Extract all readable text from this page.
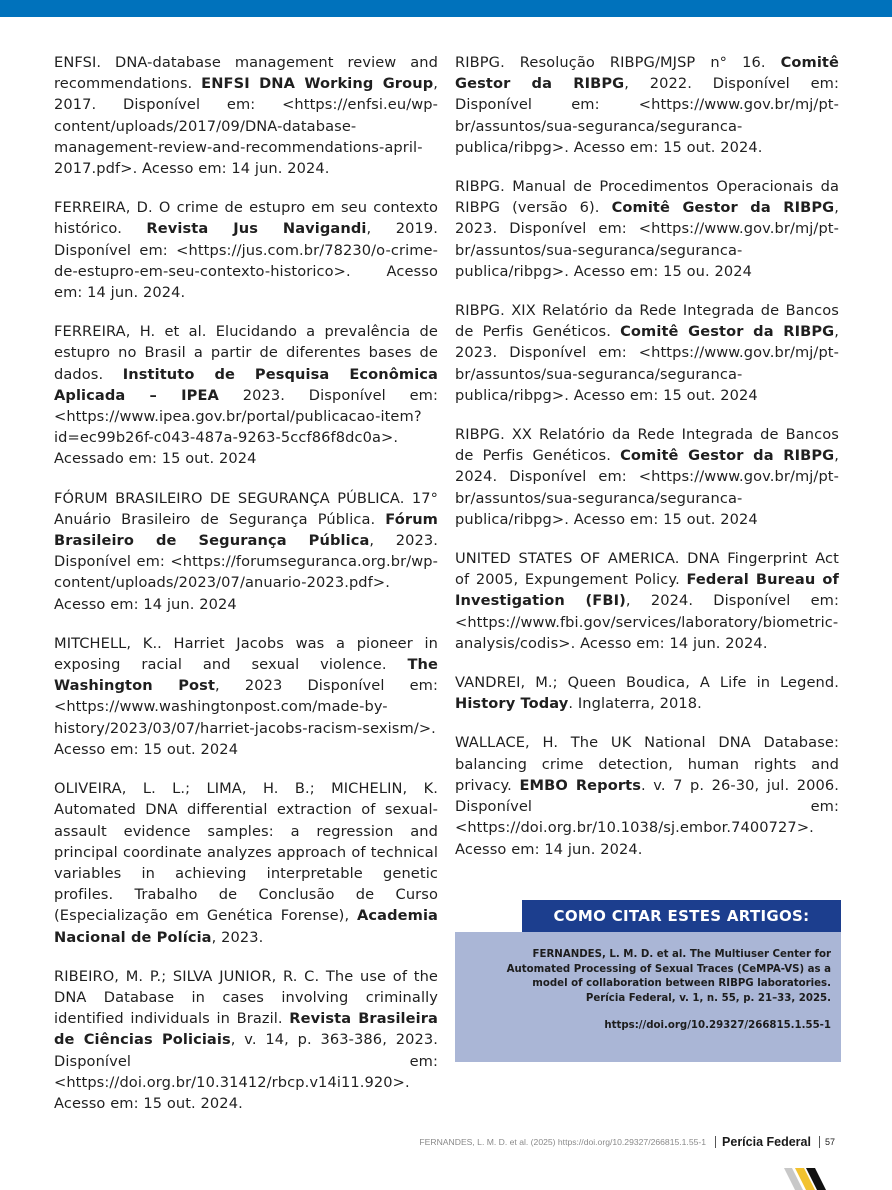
ENFSI. DNA-database management review and recommendations. ENFSI DNA Working Group, 2017. Disponível em: <https://enfsi.eu/wp-content/uploads/2017/09/DNA-database-management-review-and-recommendations-april-2017.pdf>. Acesso em: 14 jun. 2024.

FERREIRA, D. O crime de estupro em seu contexto histórico. Revista Jus Navigandi, 2019. Disponível em: <https://jus.com.br/78230/o-crime-de-estupro-em-seu-contexto-historico>. Acesso em: 14 jun. 2024.

FERREIRA, H. et al. Elucidando a prevalência de estupro no Brasil a partir de diferentes bases de dados. Instituto de Pesquisa Econômica Aplicada – IPEA 2023. Disponível em: <https://www.ipea.gov.br/portal/publicacao-item?id=ec99b26f-c043-487a-9263-5ccf86f8dc0a>. Acessado em: 15 out. 2024

FÓRUM BRASILEIRO DE SEGURANÇA PÚBLICA. 17° Anuário Brasileiro de Segurança Pública. Fórum Brasileiro de Segurança Pública, 2023. Disponível em: <https://forumseguranca.org.br/wp-content/uploads/2023/07/anuario-2023.pdf>. Acesso em: 14 jun. 2024

MITCHELL, K.. Harriet Jacobs was a pioneer in exposing racial and sexual violence. The Washington Post, 2023 Disponível em: <https://www.washingtonpost.com/made-by-history/2023/03/07/harriet-jacobs-racism-sexism/>. Acesso em: 15 out. 2024

OLIVEIRA, L. L.; LIMA, H. B.; MICHELIN, K. Automated DNA differential extraction of sexual-assault evidence samples: a regression and principal coordinate analyzes approach of technical variables in achieving interpretable genetic profiles. Trabalho de Conclusão de Curso (Especialização em Genética Forense), Academia Nacional de Polícia, 2023.

RIBEIRO, M. P.; SILVA JUNIOR, R. C. The use of the DNA Database in cases involving criminally identified individuals in Brazil. Revista Brasileira de Ciências Policiais, v. 14, p. 363-386, 2023. Disponível em: <https://doi.org.br/10.31412/rbcp.v14i11.920>. Acesso em: 15 out. 2024.

RIBPG. Resolução RIBPG/MJSP n° 16. Comitê Gestor da RIBPG, 2022. Disponível em: Disponível em: <https://www.gov.br/mj/pt-br/assuntos/sua-seguranca/seguranca-publica/ribpg>. Acesso em: 15 out. 2024.

RIBPG. Manual de Procedimentos Operacionais da RIBPG (versão 6). Comitê Gestor da RIBPG, 2023. Disponível em: <https://www.gov.br/mj/pt-br/assuntos/sua-seguranca/seguranca-publica/ribpg>. Acesso em: 15 ou. 2024

RIBPG. XIX Relatório da Rede Integrada de Bancos de Perfis Genéticos. Comitê Gestor da RIBPG, 2023. Disponível em: <https://www.gov.br/mj/pt-br/assuntos/sua-seguranca/seguranca-publica/ribpg>. Acesso em: 15 out. 2024

RIBPG. XX Relatório da Rede Integrada de Bancos de Perfis Genéticos. Comitê Gestor da RIBPG, 2024. Disponível em: <https://www.gov.br/mj/pt-br/assuntos/sua-seguranca/seguranca-publica/ribpg>. Acesso em: 15 out. 2024

UNITED STATES OF AMERICA. DNA Fingerprint Act of 2005, Expungement Policy. Federal Bureau of Investigation (FBI), 2024. Disponível em: <https://www.fbi.gov/services/laboratory/biometric-analysis/codis>. Acesso em: 14 jun. 2024.

VANDREI, M.; Queen Boudica, A Life in Legend. History Today. Inglaterra, 2018.

WALLACE, H. The UK National DNA Database: balancing crime detection, human rights and privacy. EMBO Reports. v. 7 p. 26-30, jul. 2006. Disponível em: <https://doi.org.br/10.1038/sj.embor.7400727>. Acesso em: 14 jun. 2024.

COMO CITAR ESTES ARTIGOS:
FERNANDES, L. M. D. et al. The Multiuser Center for
Automated Processing of Sexual Traces (CeMPA-VS) as a
model of collaboration between RIBPG laboratories.
Perícia Federal, v. 1, n. 55, p. 21–33, 2025.
https://doi.org/10.29327/266815.1.55-1
FERNANDES, L. M. D. et al. (2025) https://doi.org/10.29327/266815.1.55-1 Perícia Federal 57
